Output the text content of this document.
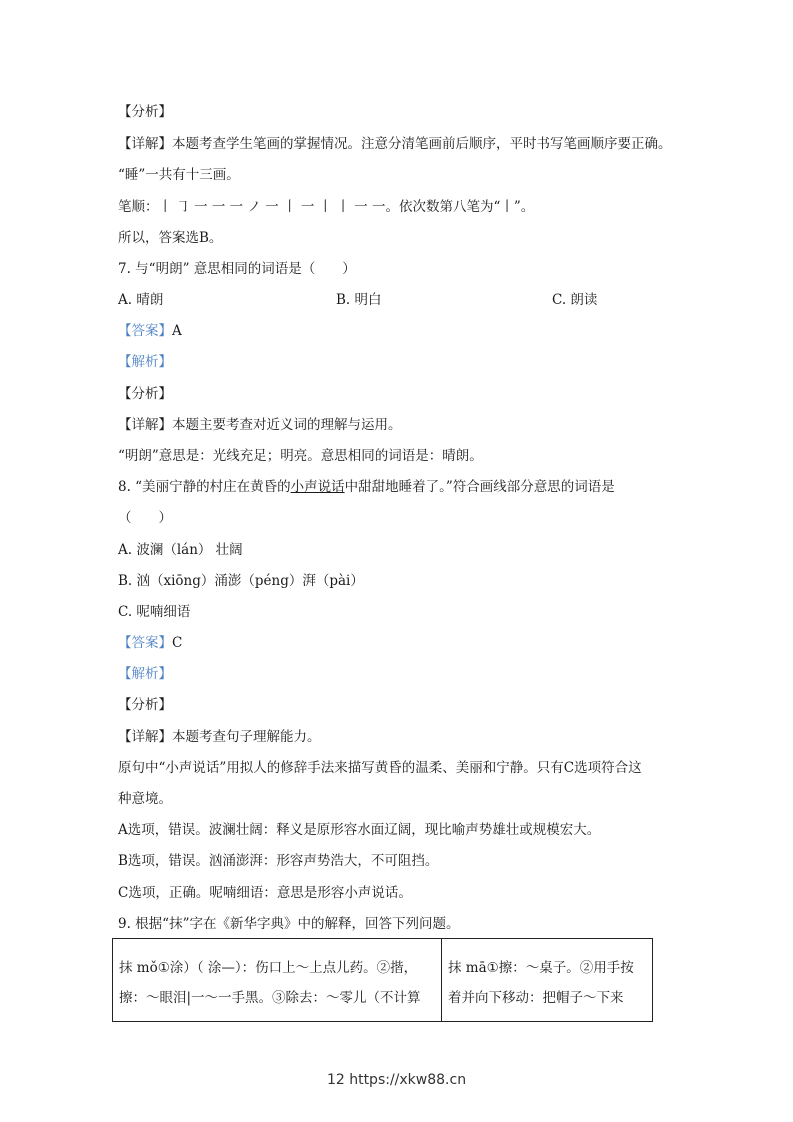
【分析】
【详解】本题考查学生笔画的掌握情况。注意分清笔画前后顺序，平时书写笔画顺序要正确。
“睡”一共有十三画。
笔顺：丨 ㇆ 一 一 一 ノ 一 丨 一 丨 丨 一 一。依次数第八笔为“丨”。
所以，答案选B。
7. 与“明朗” 意思相同的词语是（　　）
A. 晴朗	B. 明白	C. 朗读
【答案】A
【解析】
【分析】
【详解】本题主要考查对近义词的理解与运用。
“明朗”意思是：光线充足；明亮。意思相同的词语是：晴朗。
8. “美丽宁静的村庄在黄昏的小声说话中甜甜地睡着了。”符合画线部分意思的词语是
（　　）
A. 波澜（lán） 壮阔
B. 汹（xiōng）涌澎（péng）湃（pài）
C. 呢喃细语
【答案】C
【解析】
【分析】
【详解】本题考查句子理解能力。
原句中“小声说话”用拟人的修辞手法来描写黄昏的温柔、美丽和宁静。只有C选项符合这
种意境。
A选项，错误。波澜壮阔：释义是原形容水面辽阔，现比喻声势雄壮或规模宏大。
B选项，错误。汹涌澎湃：形容声势浩大，不可阻挡。
C选项，正确。呢喃细语：意思是形容小声说话。
9. 根据“抹”字在《新华字典》中的解释，回答下列问题。
抹 mǒ①涂）（ 涂—）：伤口上～上点儿药。②揩，
擦：～眼泪|一～一手黑。③除去：～零儿（不计算

抹 mā①擦：～桌子。②用手按
着并向下移动：把帽子～下来
12 https://xkw88.cn
